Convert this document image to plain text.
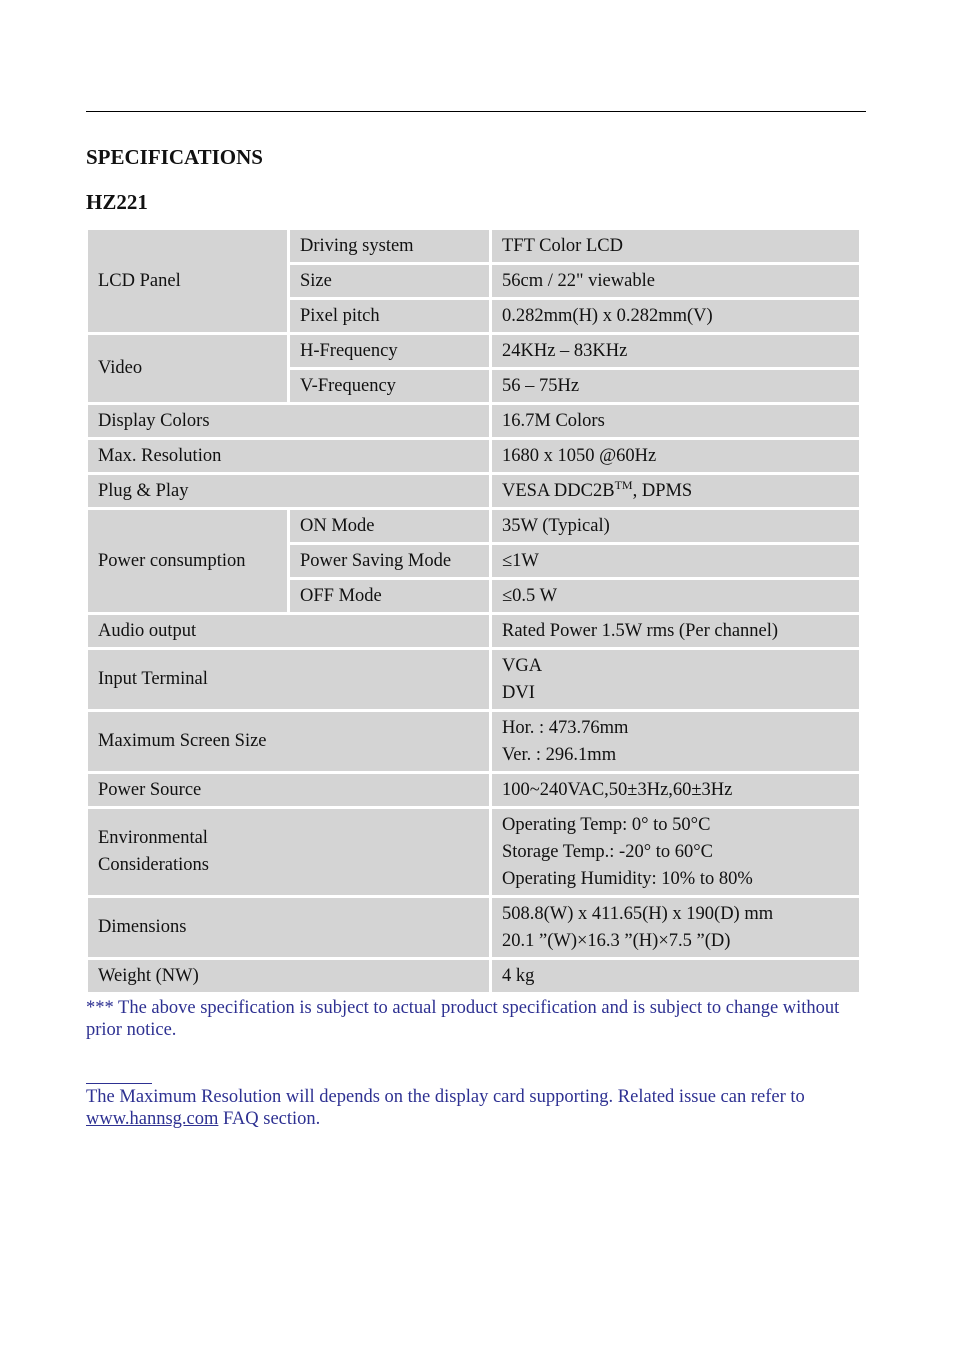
SPECIFICATIONS
HZ221
LCD Panel	Driving system	TFT Color LCD
	Size	56cm / 22" viewable
	Pixel pitch	0.282mm(H) x 0.282mm(V)
Video	H-Frequency	24KHz – 83KHz
	V-Frequency	56 – 75Hz
Display Colors		16.7M Colors
Max. Resolution		1680 x 1050 @60Hz
Plug & Play		VESA DDC2B™, DPMS
Power consumption	ON Mode	35W (Typical)
	Power Saving Mode	≤1W
	OFF Mode	≤0.5 W
Audio output		Rated Power 1.5W rms (Per channel)
Input Terminal		VGA
DVI

Maximum Screen Size		Hor. : 473.76mm
Ver. : 296.1mm

Power Source		100~240VAC,50±3Hz,60±3Hz

Environmental
Considerations		Operating Temp: 0° to 50°C
Storage Temp.: -20° to 60°C
Operating Humidity: 10% to 80%

Dimensions		508.8(W) x 411.65(H) x 190(D) mm
20.1 ”(W)×16.3 ”(H)×7.5 ”(D)

Weight (NW)		4 kg
*** The above specification is subject to actual product specification and is subject to change without prior notice.
The Maximum Resolution will depends on the display card supporting. Related issue can refer to www.hannsg.com FAQ section.
